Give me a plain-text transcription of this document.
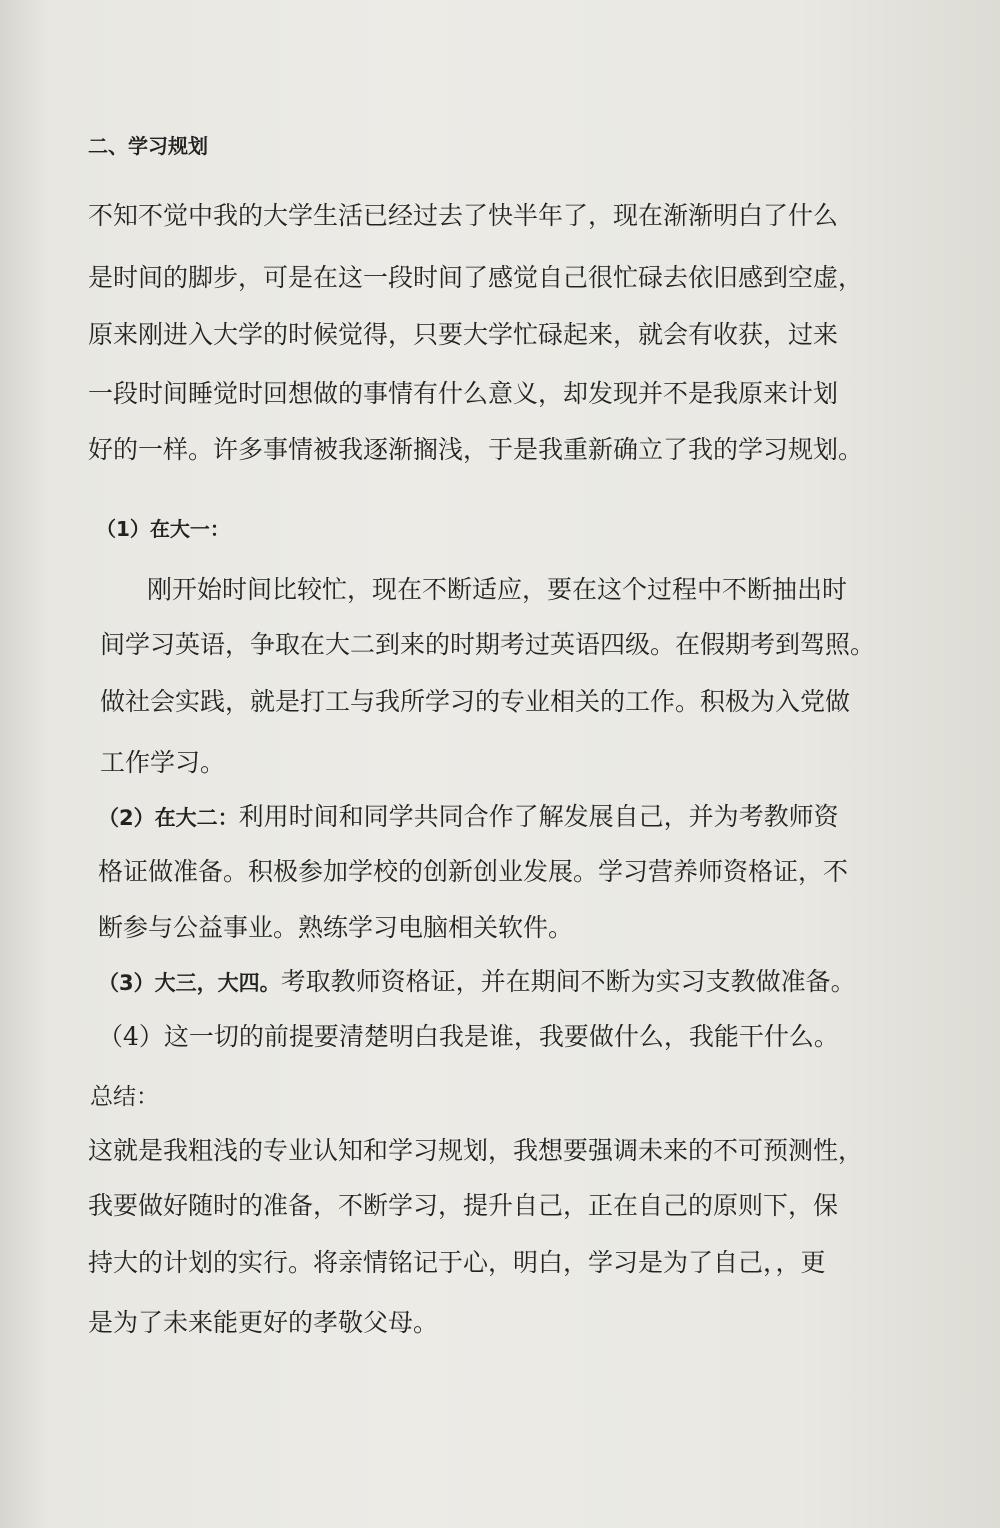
二、学习规划
不知不觉中我的大学生活已经过去了快半年了，现在渐渐明白了什么
是时间的脚步，可是在这一段时间了感觉自己很忙碌去依旧感到空虚，
原来刚进入大学的时候觉得，只要大学忙碌起来，就会有收获，过来
一段时间睡觉时回想做的事情有什么意义，却发现并不是我原来计划
好的一样。许多事情被我逐渐搁浅，于是我重新确立了我的学习规划。
（1）在大一：
刚开始时间比较忙，现在不断适应，要在这个过程中不断抽出时
间学习英语，争取在大二到来的时期考过英语四级。在假期考到驾照。
做社会实践，就是打工与我所学习的专业相关的工作。积极为入党做
工作学习。
（2）在大二：利用时间和同学共同合作了解发展自己，并为考教师资
格证做准备。积极参加学校的创新创业发展。学习营养师资格证，不
断参与公益事业。熟练学习电脑相关软件。
（3）大三，大四。考取教师资格证，并在期间不断为实习支教做准备。
（4）这一切的前提要清楚明白我是谁，我要做什么，我能干什么。
总结：
这就是我粗浅的专业认知和学习规划，我想要强调未来的不可预测性，
我要做好随时的准备，不断学习，提升自己，正在自己的原则下，保
持大的计划的实行。将亲情铭记于心，明白，学习是为了自己，，更
是为了未来能更好的孝敬父母。
